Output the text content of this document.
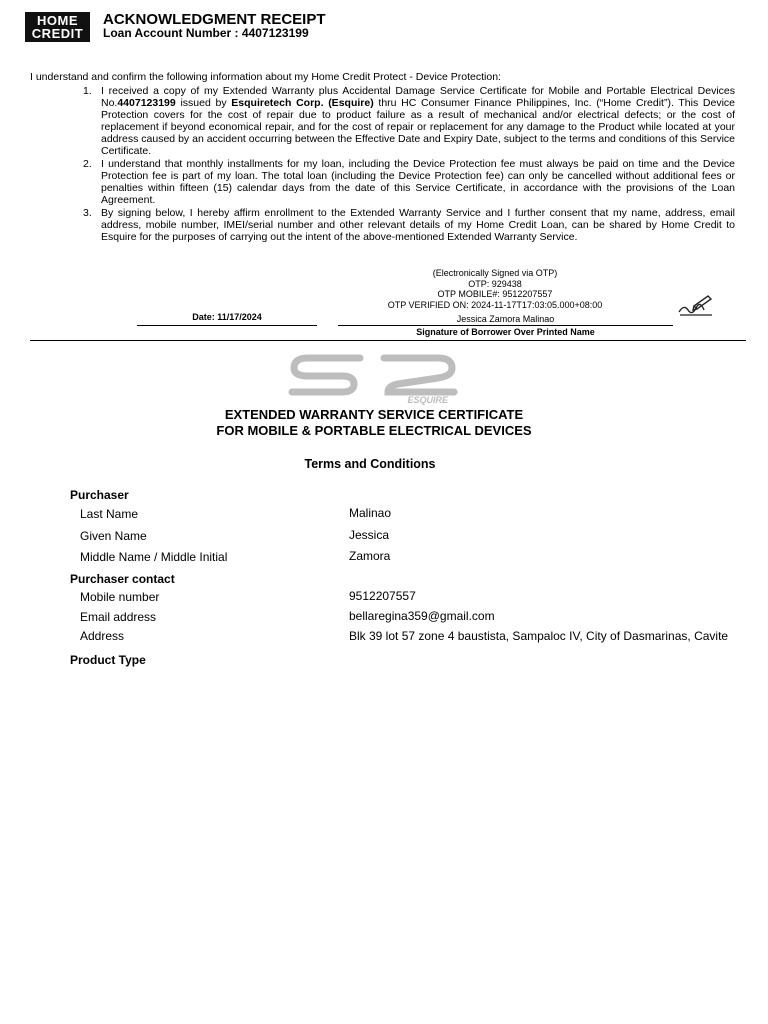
HOME
CREDIT
ACKNOWLEDGMENT RECEIPT
Loan Account Number : 4407123199
I understand and confirm the following information about my Home Credit Protect - Device Protection:
1. I received a copy of my Extended Warranty plus Accidental Damage Service Certificate for Mobile and Portable Electrical Devices No.4407123199 issued by Esquiretech Corp. (Esquire) thru HC Consumer Finance Philippines, Inc. (“Home Credit”). This Device Protection covers for the cost of repair due to product failure as a result of mechanical and/or electrical defects; or the cost of replacement if beyond economical repair, and for the cost of repair or replacement for any damage to the Product while located at your address caused by an accident occurring between the Effective Date and Expiry Date, subject to the terms and conditions of this Service Certificate.
2. I understand that monthly installments for my loan, including the Device Protection fee must always be paid on time and the Device Protection fee is part of my loan. The total loan (including the Device Protection fee) can only be cancelled without additional fees or penalties within fifteen (15) calendar days from the date of this Service Certificate, in accordance with the provisions of the Loan Agreement.
3. By signing below, I hereby affirm enrollment to the Extended Warranty Service and I further consent that my name, address, email address, mobile number, IMEI/serial number and other relevant details of my Home Credit Loan, can be shared by Home Credit to Esquire for the purposes of carrying out the intent of the above-mentioned Extended Warranty Service.
(Electronically Signed via OTP)
OTP: 929438
OTP MOBILE#: 9512207557
OTP VERIFIED ON: 2024-11-17T17:03:05.000+08:00
Date: 11/17/2024	Jessica Zamora Malinao
Signature of Borrower Over Printed Name
ESQUIRE
EXTENDED WARRANTY SERVICE CERTIFICATE
FOR MOBILE & PORTABLE ELECTRICAL DEVICES
Terms and Conditions
Purchaser
Last Name	Malinao
Given Name	Jessica
Middle Name / Middle Initial	Zamora
Purchaser contact
Mobile number	9512207557
Email address	bellaregina359@gmail.com
Address	Blk 39 lot 57 zone 4 baustista, Sampaloc IV, City of Dasmarinas, Cavite
Product Type
